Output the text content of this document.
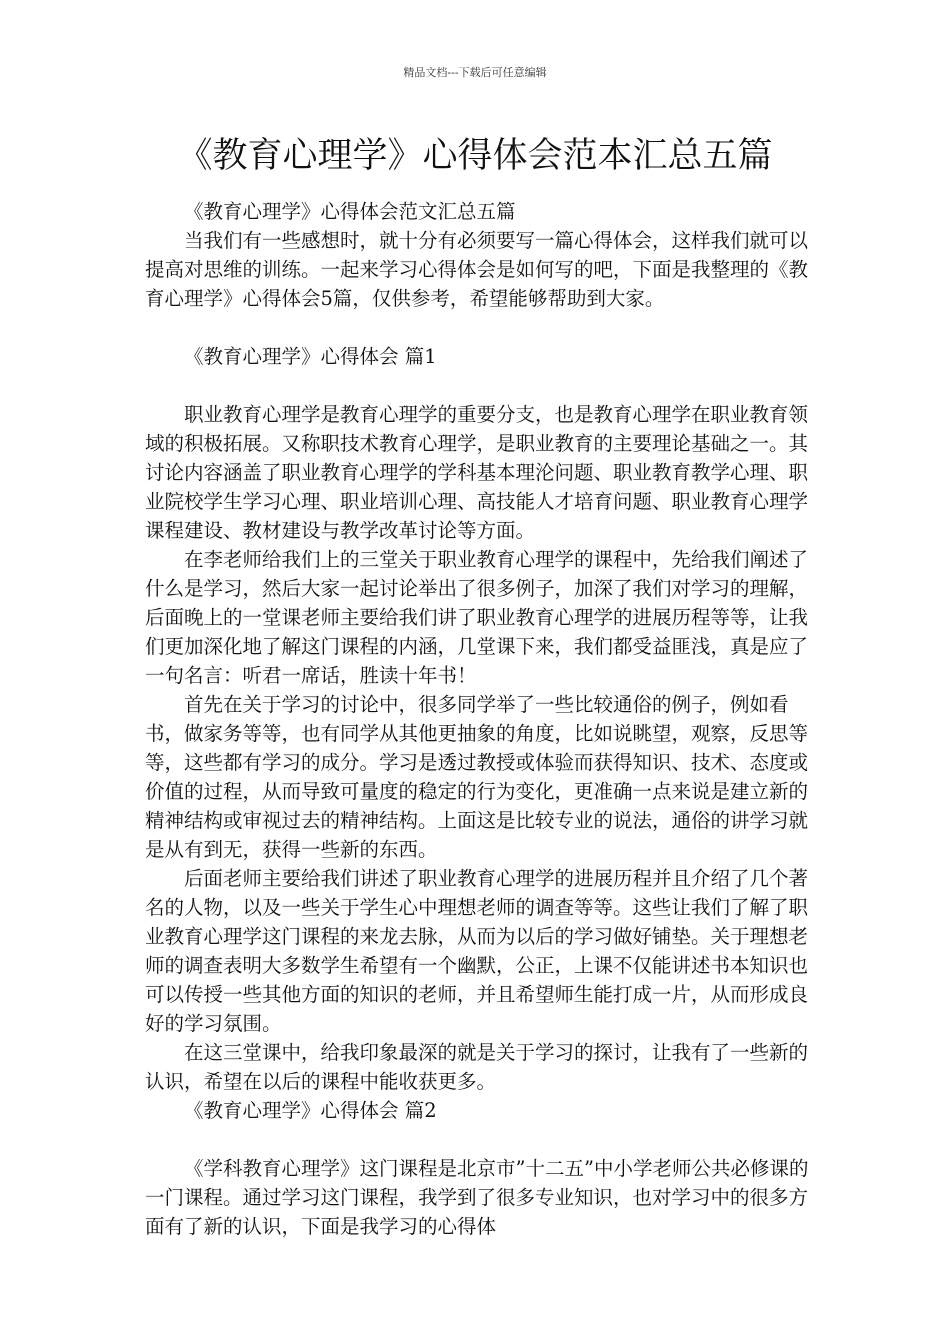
精品文档---下载后可任意编辑
《教育心理学》心得体会范本汇总五篇

《教育心理学》心得体会范文汇总五篇

当我们有一些感想时，就十分有必须要写一篇心得体会，这样我们就可以提高对思维的训练。一起来学习心得体会是如何写的吧，下面是我整理的《教育心理学》心得体会5篇，仅供参考，希望能够帮助到大家。

《教育心理学》心得体会 篇1

职业教育心理学是教育心理学的重要分支，也是教育心理学在职业教育领域的积极拓展。又称职技术教育心理学，是职业教育的主要理论基础之一。其讨论内容涵盖了职业教育心理学的学科基本理沦问题、职业教育教学心理、职业院校学生学习心理、职业培训心理、高技能人才培育问题、职业教育心理学课程建设、教材建设与教学改革讨论等方面。

在李老师给我们上的三堂关于职业教育心理学的课程中，先给我们阐述了什么是学习，然后大家一起讨论举出了很多例子，加深了我们对学习的理解，后面晚上的一堂课老师主要给我们讲了职业教育心理学的进展历程等等，让我们更加深化地了解这门课程的内涵，几堂课下来，我们都受益匪浅，真是应了一句名言：听君一席话，胜读十年书！

首先在关于学习的讨论中，很多同学举了一些比较通俗的例子，例如看书，做家务等等，也有同学从其他更抽象的角度，比如说眺望，观察，反思等等，这些都有学习的成分。学习是透过教授或体验而获得知识、技术、态度或价值的过程，从而导致可量度的稳定的行为变化，更准确一点来说是建立新的精神结构或审视过去的精神结构。上面这是比较专业的说法，通俗的讲学习就是从有到无，获得一些新的东西。

后面老师主要给我们讲述了职业教育心理学的进展历程并且介绍了几个著名的人物，以及一些关于学生心中理想老师的调查等等。这些让我们了解了职业教育心理学这门课程的来龙去脉，从而为以后的学习做好铺垫。关于理想老师的调查表明大多数学生希望有一个幽默，公正，上课不仅能讲述书本知识也可以传授一些其他方面的知识的老师，并且希望师生能打成一片，从而形成良好的学习氛围。

在这三堂课中，给我印象最深的就是关于学习的探讨，让我有了一些新的认识，希望在以后的课程中能收获更多。

《教育心理学》心得体会 篇2

《学科教育心理学》这门课程是北京市”十二五”中小学老师公共必修课的一门课程。通过学习这门课程，我学到了很多专业知识，也对学习中的很多方面有了新的认识，下面是我学习的心得体
